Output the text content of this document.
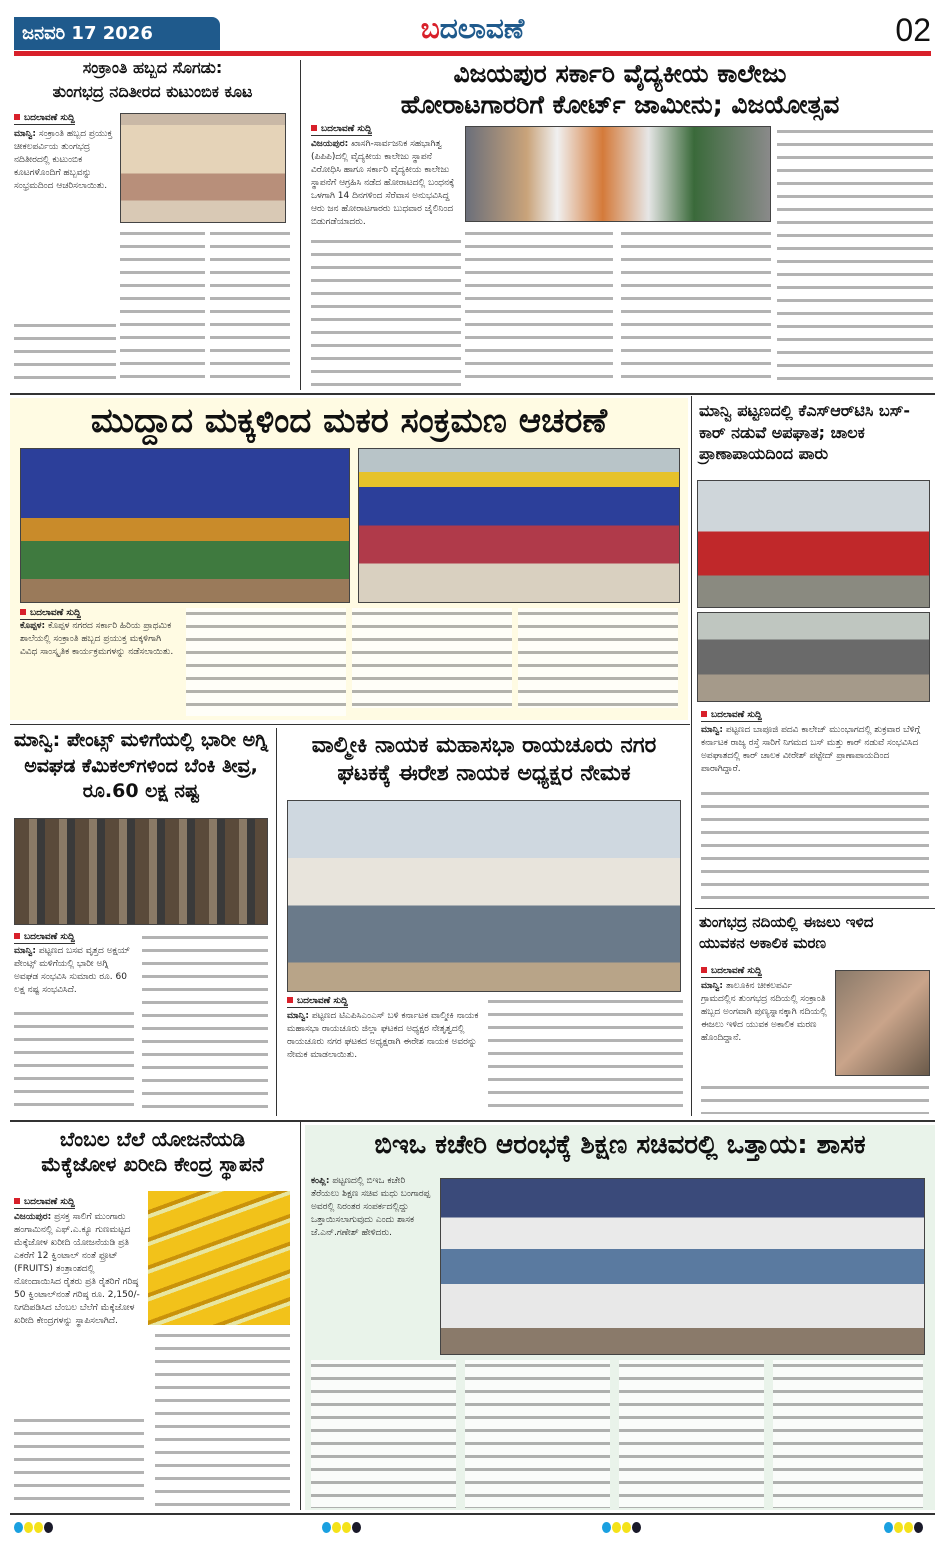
ಜನವರಿ 17 2026	ಬದಲಾವಣೆ	02
ಸಂಕ್ರಾಂತಿ ಹಬ್ಬದ ಸೊಗಡು:
ತುಂಗಭದ್ರ ನದಿತೀರದ ಕುಟುಂಬಿಕ ಕೂಟ
ಬದಲಾವಣೆ ಸುದ್ದಿ
ಮಾನ್ವಿ: ಸಂಕ್ರಾಂತಿ ಹಬ್ಬದ ಪ್ರಯುಕ್ತ ಚೀಕಲಪರ್ವಿಯ ತುಂಗಭದ್ರ ನದಿತೀರದಲ್ಲಿ ಕುಟುಂಬಿಕ ಕೂಟಗಳೊಂದಿಗೆ ಹಬ್ಬವನ್ನು ಸಂಭ್ರಮದಿಂದ ಆಚರಿಸಲಾಯಿತು.
ವಿಜಯಪುರ ಸರ್ಕಾರಿ ವೈದ್ಯಕೀಯ ಕಾಲೇಜು
ಹೋರಾಟಗಾರರಿಗೆ ಕೋರ್ಟ್ ಜಾಮೀನು; ವಿಜಯೋತ್ಸವ
ಬದಲಾವಣೆ ಸುದ್ದಿ
ವಿಜಯಪುರ: ಖಾಸಗಿ-ಸಾರ್ವಜನಿಕ ಸಹಭಾಗಿತ್ವ (ಪಿಪಿಪಿ)ದಲ್ಲಿ ವೈದ್ಯಕೀಯ ಕಾಲೇಜು ಸ್ಥಾಪನೆ ವಿರೋಧಿಸಿ ಹಾಗೂ ಸರ್ಕಾರಿ ವೈದ್ಯಕೀಯ ಕಾಲೇಜು ಸ್ಥಾಪನೆಗೆ ಆಗ್ರಹಿಸಿ ನಡೆದ ಹೋರಾಟದಲ್ಲಿ ಬಂಧನಕ್ಕೆ ಒಳಗಾಗಿ 14 ದಿನಗಳಿಂದ ಸೆರೆವಾಸ ಅನುಭವಿಸಿದ್ದ ಆರು ಜನ ಹೋರಾಟಗಾರರು ಬುಧವಾರ ಜೈಲಿನಿಂದ ಬಿಡುಗಡೆಯಾದರು.
ಮುದ್ದಾದ ಮಕ್ಕಳಿಂದ ಮಕರ ಸಂಕ್ರಮಣ ಆಚರಣೆ
ಬದಲಾವಣೆ ಸುದ್ದಿ
ಕೊಪ್ಪಳ: ಕೊಪ್ಪಳ ನಗರದ ಸರ್ಕಾರಿ ಹಿರಿಯ ಪ್ರಾಥಮಿಕ ಶಾಲೆಯಲ್ಲಿ ಸಂಕ್ರಾಂತಿ ಹಬ್ಬದ ಪ್ರಯುಕ್ತ ಮಕ್ಕಳಿಗಾಗಿ ವಿವಿಧ ಸಾಂಸ್ಕೃತಿಕ ಕಾರ್ಯಕ್ರಮಗಳನ್ನು ನಡೆಸಲಾಯಿತು.
ಮಾನ್ವಿ ಪಟ್ಟಣದಲ್ಲಿ ಕೆಎಸ್ಆರ್‌ಟಿಸಿ ಬಸ್-ಕಾರ್ ನಡುವೆ ಅಪಘಾತ; ಚಾಲಕ ಪ್ರಾಣಾಪಾಯದಿಂದ ಪಾರು
ಬದಲಾವಣೆ ಸುದ್ದಿ
ಮಾನ್ವಿ: ಪಟ್ಟಣದ ಬಾಪೂಜಿ ಪದವಿ ಕಾಲೇಜ್ ಮುಂಭಾಗದಲ್ಲಿ ಶುಕ್ರವಾರ ಬೆಳಿಗ್ಗೆ ಕರ್ನಾಟಕ ರಾಜ್ಯ ರಸ್ತೆ ಸಾರಿಗೆ ನಿಗಮದ ಬಸ್ ಮತ್ತು ಕಾರ್ ನಡುವೆ ಸಂಭವಿಸಿದ ಅಪಘಾತದಲ್ಲಿ ಕಾರ್ ಚಾಲಕ ವೀರೇಶ್ ಪಟ್ಟೇದ್ ಪ್ರಾಣಾಪಾಯದಿಂದ ಪಾರಾಗಿದ್ದಾರೆ.
ಮಾನ್ವಿ: ಪೇಂಟ್ಸ್ ಮಳಿಗೆಯಲ್ಲಿ ಭಾರೀ ಅಗ್ನಿ ಅವಘಡ ಕೆಮಿಕಲ್‌ಗಳಿಂದ ಬೆಂಕಿ ತೀವ್ರ, ರೂ.60 ಲಕ್ಷ ನಷ್ಟ
ಬದಲಾವಣೆ ಸುದ್ದಿ
ಮಾನ್ವಿ: ಪಟ್ಟಣದ ಬಸವ ವೃತ್ತದ ಅಕ್ಷಯ್ ಪೇಂಟ್ಸ್ ಮಳಿಗೆಯಲ್ಲಿ ಭಾರೀ ಅಗ್ನಿ ಅವಘಡ ಸಂಭವಿಸಿ ಸುಮಾರು ರೂ. 60 ಲಕ್ಷ ನಷ್ಟ ಸಂಭವಿಸಿದೆ.
ವಾಲ್ಮೀಕಿ ನಾಯಕ ಮಹಾಸಭಾ ರಾಯಚೂರು ನಗರ
ಘಟಕಕ್ಕೆ ಈರೇಶ ನಾಯಕ ಅಧ್ಯಕ್ಷರ ನೇಮಕ
ಬದಲಾವಣೆ ಸುದ್ದಿ
ಮಾನ್ವಿ: ಪಟ್ಟಣದ ಟಿಎಪಿಸಿಎಂಎಸ್ ಬಳಿ ಕರ್ನಾಟಕ ವಾಲ್ಮೀಕಿ ನಾಯಕ ಮಹಾಸಭಾ ರಾಯಚೂರು ಜಿಲ್ಲಾ ಘಟಕದ ಅಧ್ಯಕ್ಷರ ನೇತೃತ್ವದಲ್ಲಿ ರಾಯಚೂರು ನಗರ ಘಟಕದ ಅಧ್ಯಕ್ಷರಾಗಿ ಈರೇಶ ನಾಯಕ ಅವರನ್ನು ನೇಮಕ ಮಾಡಲಾಯಿತು.
ತುಂಗಭದ್ರ ನದಿಯಲ್ಲಿ ಈಜಲು ಇಳಿದ
ಯುವಕನ ಅಕಾಲಿಕ ಮರಣ
ಬದಲಾವಣೆ ಸುದ್ದಿ
ಮಾನ್ವಿ: ತಾಲೂಕಿನ ಚೀಕಲಪರ್ವಿ ಗ್ರಾಮದಲ್ಲಿನ ತುಂಗಭದ್ರ ನದಿಯಲ್ಲಿ ಸಂಕ್ರಾಂತಿ ಹಬ್ಬದ ಅಂಗವಾಗಿ ಪುಣ್ಯಸ್ನಾನಕ್ಕಾಗಿ ನದಿಯಲ್ಲಿ ಈಜಲು ಇಳಿದ ಯುವಕ ಅಕಾಲಿಕ ಮರಣ ಹೊಂದಿದ್ದಾನೆ.
ಬೆಂಬಲ ಬೆಲೆ ಯೋಜನೆಯಡಿ
ಮೆಕ್ಕೆಜೋಳ ಖರೀದಿ ಕೇಂದ್ರ ಸ್ಥಾಪನೆ
ಬದಲಾವಣೆ ಸುದ್ದಿ
ವಿಜಯಪುರ: ಪ್ರಸಕ್ತ ಸಾಲಿಗೆ ಮುಂಗಾರು ಹಂಗಾಮಿನಲ್ಲಿ ಎಫ್.ಎ.ಕ್ಯೂ ಗುಣಮಟ್ಟದ ಮೆಕ್ಕೆಜೋಳ ಖರೀದಿ ಯೋಜನೆಯಡಿ ಪ್ರತಿ ಎಕರೆಗೆ 12 ಕ್ವಿಂಟಾಲ್ ನಂತೆ ಫ್ರೂಟ್ (FRUITS) ತಂತ್ರಾಂಶದಲ್ಲಿ ನೋಂದಾಯಿಸಿದ ರೈತರು ಪ್ರತಿ ರೈತರಿಗೆ ಗರಿಷ್ಠ 50 ಕ್ವಿಂಟಾಲ್‌ನಂತೆ ಗರಿಷ್ಠ ರೂ. 2,150/- ನಿಗದಿಪಡಿಸಿದ ಬೆಂಬಲ ಬೆಲೆಗೆ ಮೆಕ್ಕೆಜೋಳ ಖರೀದಿ ಕೇಂದ್ರಗಳನ್ನು ಸ್ಥಾಪಿಸಲಾಗಿದೆ.
ಬಿಇಒ ಕಚೇರಿ ಆರಂಭಕ್ಕೆ ಶಿಕ್ಷಣ ಸಚಿವರಲ್ಲಿ ಒತ್ತಾಯ: ಶಾಸಕ
ಕಂಪ್ಲಿ: ಪಟ್ಟಣದಲ್ಲಿ ಬಿಇಒ ಕಚೇರಿ ತೆರೆಯಲು ಶಿಕ್ಷಣ ಸಚಿವ ಮಧು ಬಂಗಾರಪ್ಪ ಅವರಲ್ಲಿ ನಿರಂತರ ಸಂಪರ್ಕದಲ್ಲಿದ್ದು ಒತ್ತಾಯಿಸಲಾಗುವುದು ಎಂದು ಶಾಸಕ ಜೆ.ಎನ್.ಗಣೇಶ್ ಹೇಳಿದರು.
